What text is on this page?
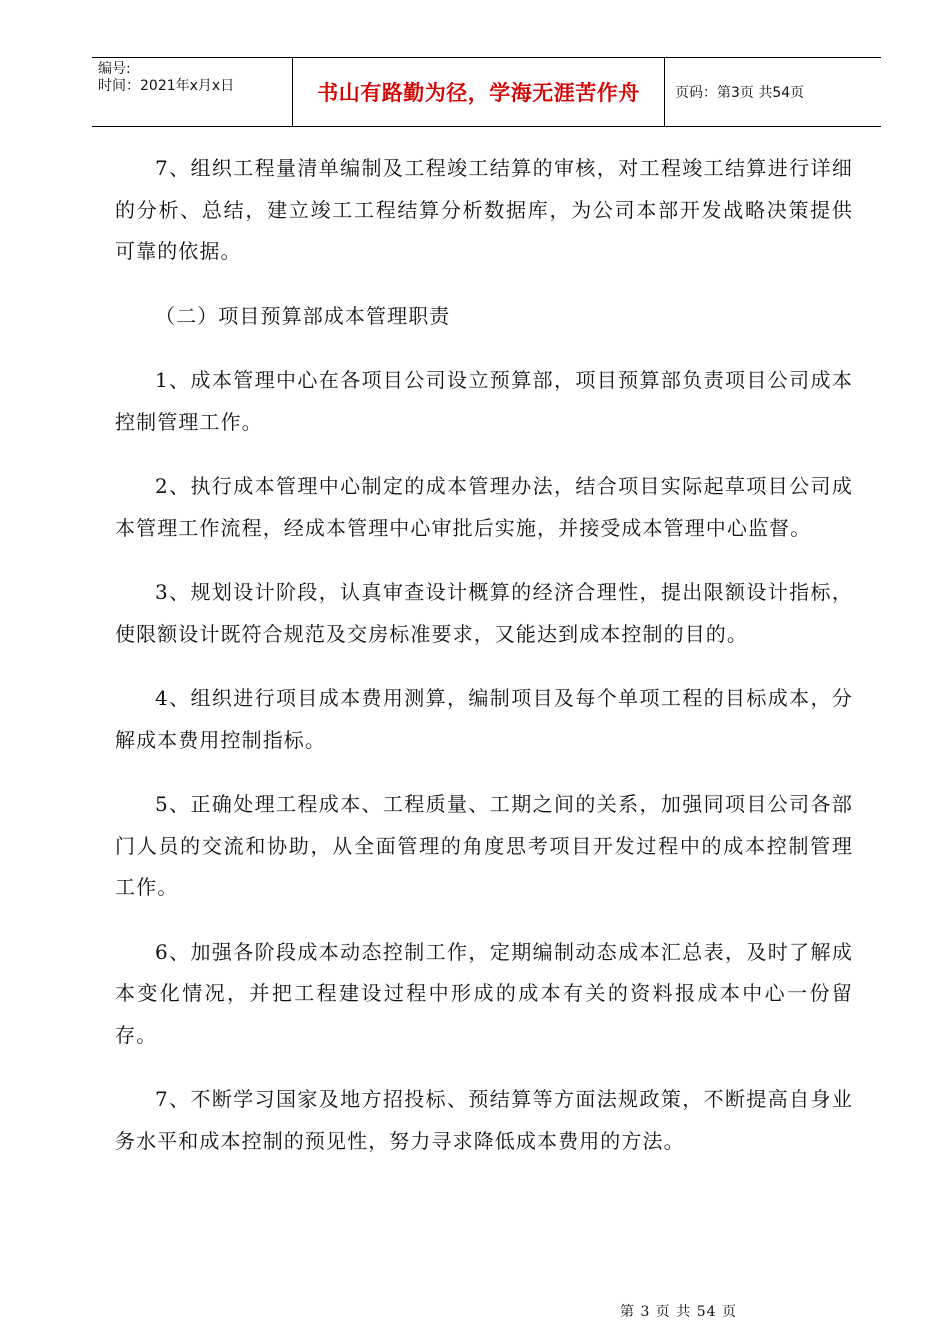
编号:
时间：2021年x月x日	书山有路勤为径，学海无涯苦作舟	页码：第3页 共54页

7、组织工程量清单编制及工程竣工结算的审核，对工程竣工结算进行详细的分析、总结，建立竣工工程结算分析数据库，为公司本部开发战略决策提供可靠的依据。

（二）项目预算部成本管理职责

1、成本管理中心在各项目公司设立预算部，项目预算部负责项目公司成本控制管理工作。

2、执行成本管理中心制定的成本管理办法，结合项目实际起草项目公司成本管理工作流程，经成本管理中心审批后实施，并接受成本管理中心监督。

3、规划设计阶段，认真审查设计概算的经济合理性，提出限额设计指标，使限额设计既符合规范及交房标准要求，又能达到成本控制的目的。

4、组织进行项目成本费用测算，编制项目及每个单项工程的目标成本，分解成本费用控制指标。

5、正确处理工程成本、工程质量、工期之间的关系，加强同项目公司各部门人员的交流和协助，从全面管理的角度思考项目开发过程中的成本控制管理工作。

6、加强各阶段成本动态控制工作，定期编制动态成本汇总表，及时了解成本变化情况，并把工程建设过程中形成的成本有关的资料报成本中心一份留存。

7、不断学习国家及地方招投标、预结算等方面法规政策，不断提高自身业务水平和成本控制的预见性，努力寻求降低成本费用的方法。

第 3 页 共 54 页
